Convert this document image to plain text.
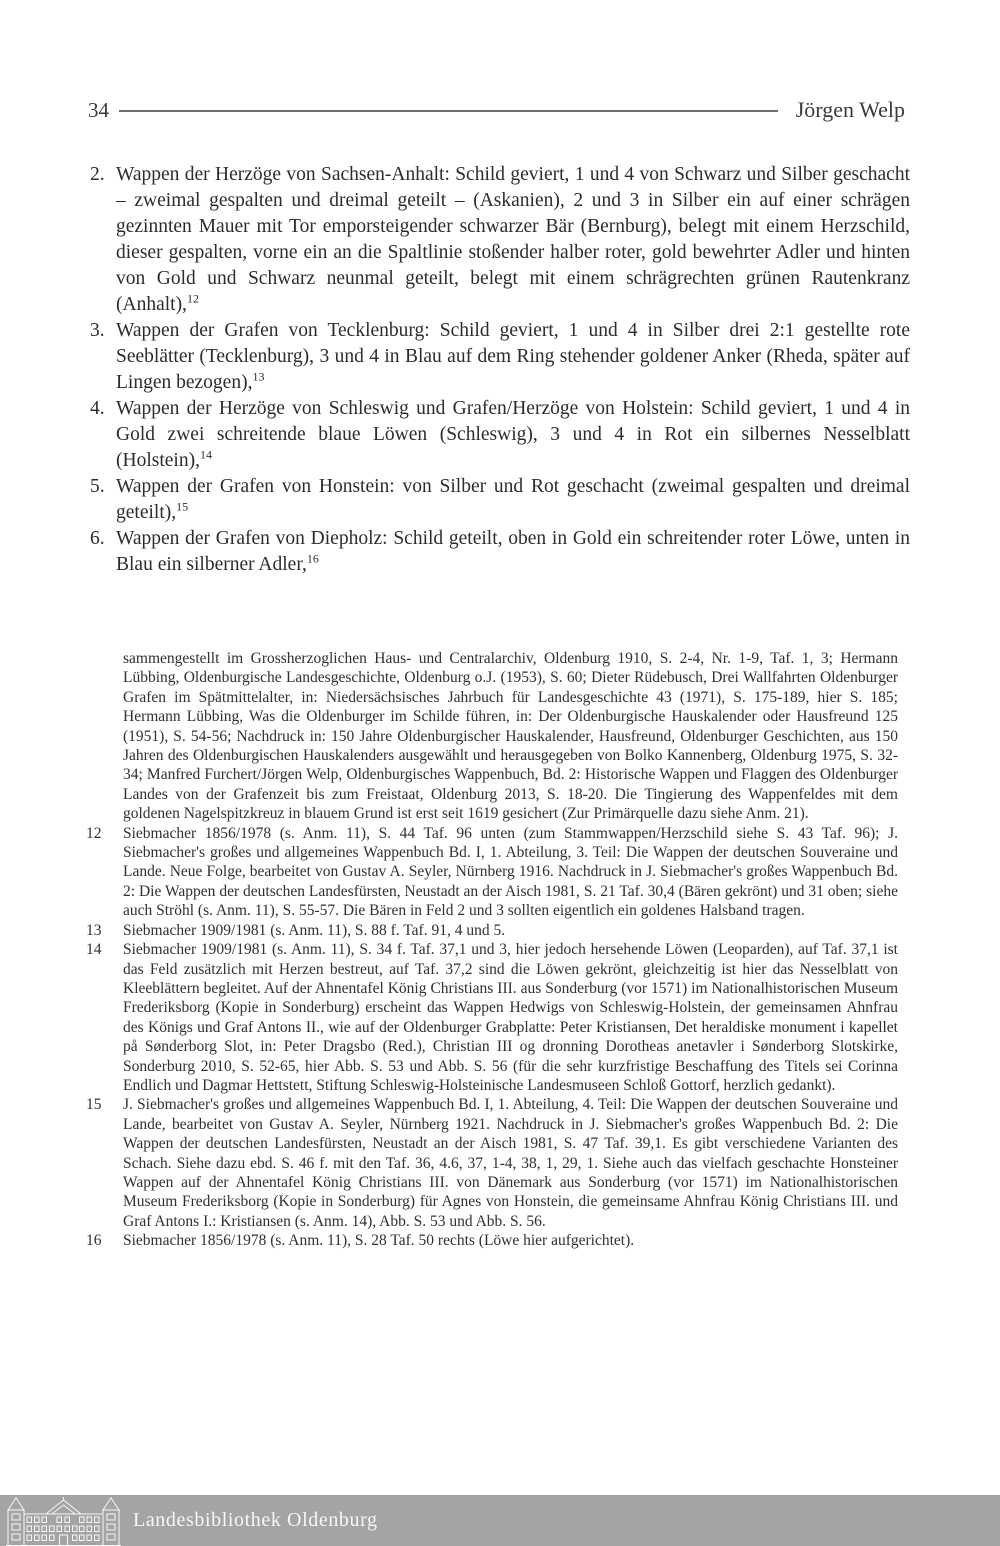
34	Jörgen Welp
2. Wappen der Herzöge von Sachsen-Anhalt: Schild geviert, 1 und 4 von Schwarz und Silber geschacht – zweimal gespalten und dreimal geteilt – (Askanien), 2 und 3 in Silber ein auf einer schrägen gezinnten Mauer mit Tor emporsteigender schwarzer Bär (Bernburg), belegt mit einem Herzschild, dieser gespalten, vorne ein an die Spaltlinie stoßender halber roter, gold bewehrter Adler und hinten von Gold und Schwarz neunmal geteilt, belegt mit einem schrägrechten grünen Rautenkranz (Anhalt),$^{12}$
3. Wappen der Grafen von Tecklenburg: Schild geviert, 1 und 4 in Silber drei 2:1 gestellte rote Seeblätter (Tecklenburg), 3 und 4 in Blau auf dem Ring stehender goldener Anker (Rheda, später auf Lingen bezogen),$^{13}$
4. Wappen der Herzöge von Schleswig und Grafen/Herzöge von Holstein: Schild geviert, 1 und 4 in Gold zwei schreitende blaue Löwen (Schleswig), 3 und 4 in Rot ein silbernes Nesselblatt (Holstein),$^{14}$
5. Wappen der Grafen von Honstein: von Silber und Rot geschacht (zweimal gespalten und dreimal geteilt),$^{15}$
6. Wappen der Grafen von Diepholz: Schild geteilt, oben in Gold ein schreitender roter Löwe, unten in Blau ein silberner Adler,$^{16}$

sammengestellt im Grossherzoglichen Haus- und Centralarchiv, Oldenburg 1910, S. 2-4, Nr. 1-9, Taf. 1, 3; Hermann Lübbing, Oldenburgische Landesgeschichte, Oldenburg o.J. (1953), S. 60; Dieter Rüdebusch, Drei Wallfahrten Oldenburger Grafen im Spätmittelalter, in: Niedersächsisches Jahrbuch für Landesgeschichte 43 (1971), S. 175-189, hier S. 185; Hermann Lübbing, Was die Oldenburger im Schilde führen, in: Der Oldenburgische Hauskalender oder Hausfreund 125 (1951), S. 54-56; Nachdruck in: 150 Jahre Oldenburgischer Hauskalender, Hausfreund, Oldenburger Geschichten, aus 150 Jahren des Oldenburgischen Hauskalenders ausgewählt und herausgegeben von Bolko Kannenberg, Oldenburg 1975, S. 32-34; Manfred Furchert/Jörgen Welp, Oldenburgisches Wappenbuch, Bd. 2: Historische Wappen und Flaggen des Oldenburger Landes von der Grafenzeit bis zum Freistaat, Oldenburg 2013, S. 18-20. Die Tingierung des Wappenfeldes mit dem goldenen Nagelspitzkreuz in blauem Grund ist erst seit 1619 gesichert (Zur Primärquelle dazu siehe Anm. 21).

12 Siebmacher 1856/1978 (s. Anm. 11), S. 44 Taf. 96 unten (zum Stammwappen/Herzschild siehe S. 43 Taf. 96); J. Siebmacher's großes und allgemeines Wappenbuch Bd. I, 1. Abteilung, 3. Teil: Die Wappen der deutschen Souveraine und Lande. Neue Folge, bearbeitet von Gustav A. Seyler, Nürnberg 1916. Nachdruck in J. Siebmacher's großes Wappenbuch Bd. 2: Die Wappen der deutschen Landesfürsten, Neustadt an der Aisch 1981, S. 21 Taf. 30,4 (Bären gekrönt) und 31 oben; siehe auch Ströhl (s. Anm. 11), S. 55-57. Die Bären in Feld 2 und 3 sollten eigentlich ein goldenes Halsband tragen.

13 Siebmacher 1909/1981 (s. Anm. 11), S. 88 f. Taf. 91, 4 und 5.

14 Siebmacher 1909/1981 (s. Anm. 11), S. 34 f. Taf. 37,1 und 3, hier jedoch hersehende Löwen (Leoparden), auf Taf. 37,1 ist das Feld zusätzlich mit Herzen bestreut, auf Taf. 37,2 sind die Löwen gekrönt, gleichzeitig ist hier das Nesselblatt von Kleeblättern begleitet. Auf der Ahnentafel König Christians III. aus Sonderburg (vor 1571) im Nationalhistorischen Museum Frederiksborg (Kopie in Sonderburg) erscheint das Wappen Hedwigs von Schleswig-Holstein, der gemeinsamen Ahnfrau des Königs und Graf Antons II., wie auf der Oldenburger Grabplatte: Peter Kristiansen, Det heraldiske monument i kapellet på Sønderborg Slot, in: Peter Dragsbo (Red.), Christian III og dronning Dorotheas anetavler i Sønderborg Slotskirke, Sonderburg 2010, S. 52-65, hier Abb. S. 53 und Abb. S. 56 (für die sehr kurzfristige Beschaffung des Titels sei Corinna Endlich und Dagmar Hettstett, Stiftung Schleswig-Holsteinische Landesmuseen Schloß Gottorf, herzlich gedankt).

15 J. Siebmacher's großes und allgemeines Wappenbuch Bd. I, 1. Abteilung, 4. Teil: Die Wappen der deutschen Souveraine und Lande, bearbeitet von Gustav A. Seyler, Nürnberg 1921. Nachdruck in J. Siebmacher's großes Wappenbuch Bd. 2: Die Wappen der deutschen Landesfürsten, Neustadt an der Aisch 1981, S. 47 Taf. 39,1. Es gibt verschiedene Varianten des Schach. Siehe dazu ebd. S. 46 f. mit den Taf. 36, 4.6, 37, 1-4, 38, 1, 29, 1. Siehe auch das vielfach geschachte Honsteiner Wappen auf der Ahnentafel König Christians III. von Dänemark aus Sonderburg (vor 1571) im Nationalhistorischen Museum Frederiksborg (Kopie in Sonderburg) für Agnes von Honstein, die gemeinsame Ahnfrau König Christians III. und Graf Antons I.: Kristiansen (s. Anm. 14), Abb. S. 53 und Abb. S. 56.

16 Siebmacher 1856/1978 (s. Anm. 11), S. 28 Taf. 50 rechts (Löwe hier aufgerichtet).

Landesbibliothek Oldenburg
